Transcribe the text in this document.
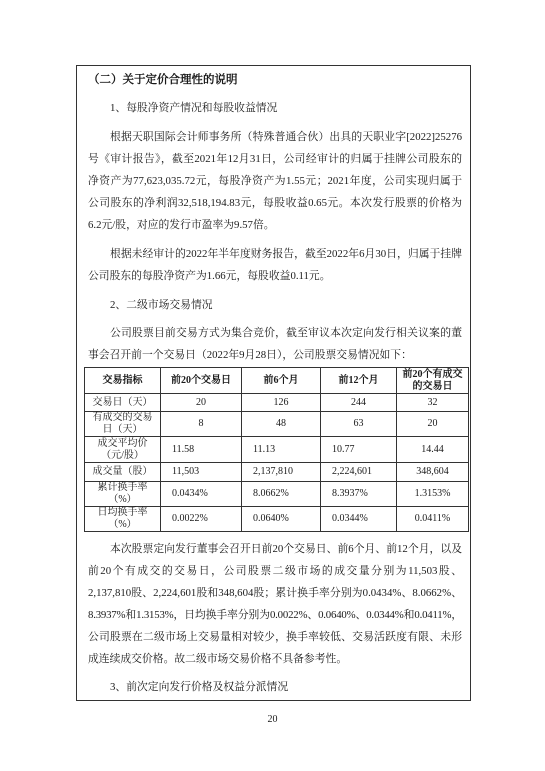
（二）关于定价合理性的说明
1、每股净资产情况和每股收益情况
根据天职国际会计师事务所（特殊普通合伙）出具的天职业字[2022]25276
号《审计报告》，截至2021年12月31日，公司经审计的归属于挂牌公司股东的
净资产为77,623,035.72元，每股净资产为1.55元；2021年度，公司实现归属于
公司股东的净利润32,518,194.83元，每股收益0.65元。本次发行股票的价格为
6.2元/股，对应的发行市盈率为9.57倍。
根据未经审计的2022年半年度财务报告，截至2022年6月30日，归属于挂牌
公司股东的每股净资产为1.66元，每股收益0.11元。
2、二级市场交易情况
公司股票目前交易方式为集合竞价，截至审议本次定向发行相关议案的董
事会召开前一个交易日（2022年9月28日），公司股票交易情况如下：
交易指标	前20个交易日	前6个月	前12个月	前20个有成交
的交易日
交易日（天）	20	126	244	32
有成交的交易
日（天）	8	48	63	20
成交平均价
（元/股）	11.58	11.13	10.77	14.44
成交量（股）	11,503	2,137,810	2,224,601	348,604
累计换手率
（%）	0.0434%	8.0662%	8.3937%	1.3153%
日均换手率
（%）	0.0022%	0.0640%	0.0344%	0.0411%
本次股票定向发行董事会召开日前20个交易日、前6个月、前12个月，以及
前20个有成交的交易日，公司股票二级市场的成交量分别为11,503股、
2,137,810股、2,224,601股和348,604股；累计换手率分别为0.0434%、8.0662%、
8.3937%和1.3153%，日均换手率分别为0.0022%、0.0640%、0.0344%和0.0411%，
公司股票在二级市场上交易量相对较少，换手率较低、交易活跃度有限、未形
成连续成交价格。故二级市场交易价格不具备参考性。
3、前次定向发行价格及权益分派情况
20
